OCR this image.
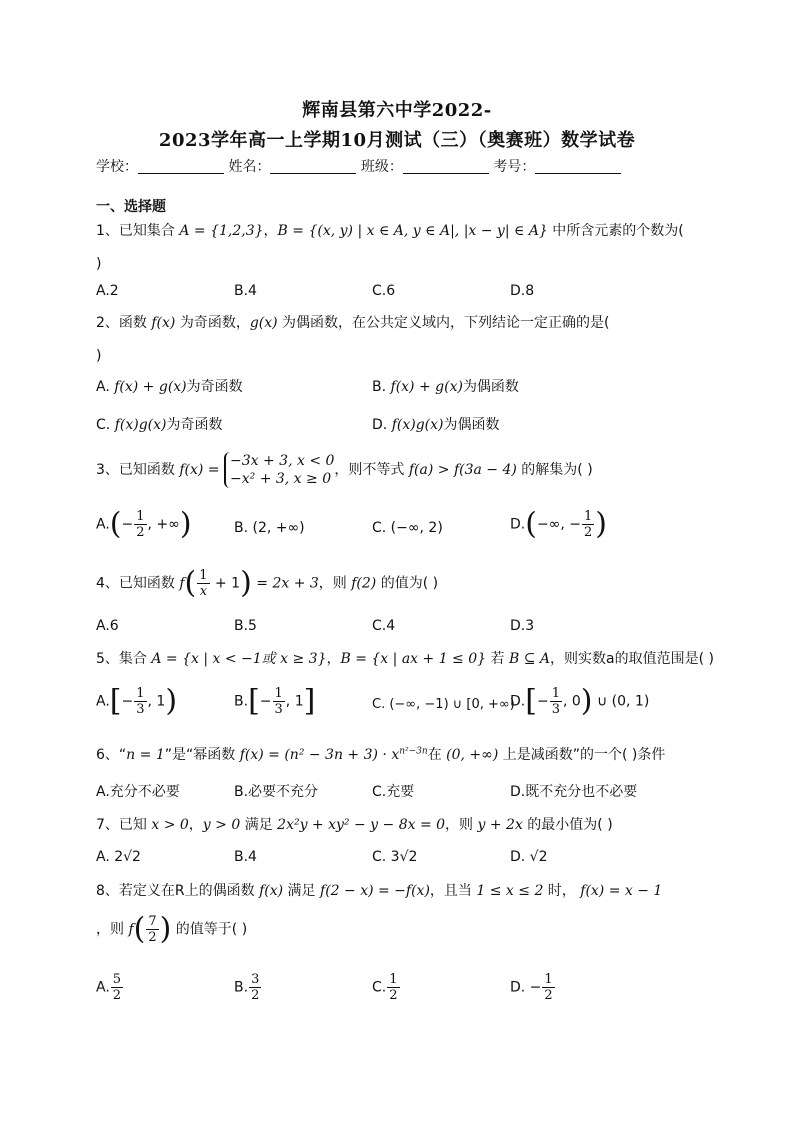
辉南县第六中学2022-
2023学年高一上学期10月测试（三）（奥赛班）数学试卷
学校：	姓名：	班级：	考号：
一、选择题
1、已知集合 A = {1,2,3}，B = {(x, y) | x ∈ A, y ∈ A|, |x − y| ∈ A} 中所含元素的个数为(
)
A.2	B.4	C.6	D.8
2、函数 f(x) 为奇函数，g(x) 为偶函数，在公共定义域内，下列结论一定正确的是(
)
A. f(x) + g(x)为奇函数	B. f(x) + g(x)为偶函数
C. f(x)g(x)为奇函数	D. f(x)g(x)为偶函数
3、已知函数 f(x) =
−3x + 3, x < 0
−x² + 3, x ≥ 0
，则不等式 f(a) > f(3a − 4) 的解集为( )
$A.(- \frac{1}{2}$ , +∞)	B. (2, +∞)	C. (−∞, 2)	D.(−∞, − $\frac{1}{2}$ )
4、已知函数 $f( \frac{1}{x} + 1) = 2x + 3$，则 f(2) 的值为( )
A.6	B.5	C.4	D.3
5、集合 A = {x | x < −1或 x ≥ 3}，B = {x | ax + 1 ≤ 0} 若 B ⊆ A，则实数a的取值范围是( )
$A.[- \frac{1}{3}$ , 1)	$B.[- \frac{1}{3}$ , 1]	C. (−∞, −1) ∪ [0, +∞)
$D.[- \frac{1}{3}$ , 0) ∪ (0, 1)
6、“n = 1”是“幂函数 $f(x) = (n^2 - 3n + 3) \cdot x^{n^2-3n}$在 (0, +∞) 上是减函数”的一个( )条件
A.充分不必要	B.必要不充分	C.充要	D.既不充分也不必要
7、已知 x > 0，y > 0 满足 2x²y + xy² − y − 8x = 0，则 y + 2x 的最小值为( )
A. 2√2	B.4	C. 3√2	D. √2
8、若定义在R上的偶函数 f(x) 满足 f(2 − x) = −f(x)，且当 1 ≤ x ≤ 2 时， f(x) = x − 1
，则 $f( \frac{7}{2}$ ) 的值等于( )
A. $\frac{5}{2}$	B. $\frac{3}{2}$	C. $\frac{1}{2}$	D. − $\frac{1}{2}$
